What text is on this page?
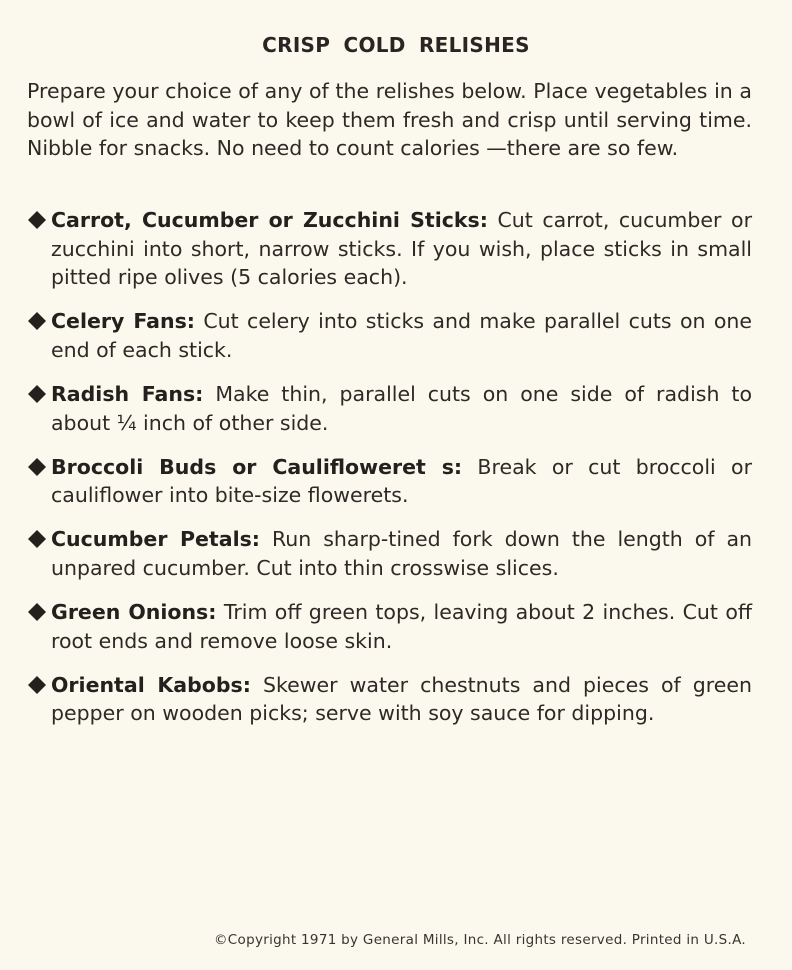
CRISP COLD RELISHES

Prepare your choice of any of the relishes below. Place vegetables in a bowl of ice and water to keep them fresh and crisp until serving time. Nibble for snacks. No need to count calories —there are so few.

Carrot, Cucumber or Zucchini Sticks: Cut carrot, cucumber or zucchini into short, narrow sticks. If you wish, place sticks in small pitted ripe olives (5 calories each).
Celery Fans: Cut celery into sticks and make parallel cuts on one end of each stick.
Radish Fans: Make thin, parallel cuts on one side of radish to about ¼ inch of other side.
Broccoli Buds or Caulifloweret s: Break or cut broccoli or cauliflower into bite-size flowerets.
Cucumber Petals: Run sharp-tined fork down the length of an unpared cucumber. Cut into thin crosswise slices.
Green Onions: Trim off green tops, leaving about 2 inches. Cut off root ends and remove loose skin.
Oriental Kabobs: Skewer water chestnuts and pieces of green pepper on wooden picks; serve with soy sauce for dipping.
©Copyright 1971 by General Mills, Inc. All rights reserved. Printed in U.S.A.
